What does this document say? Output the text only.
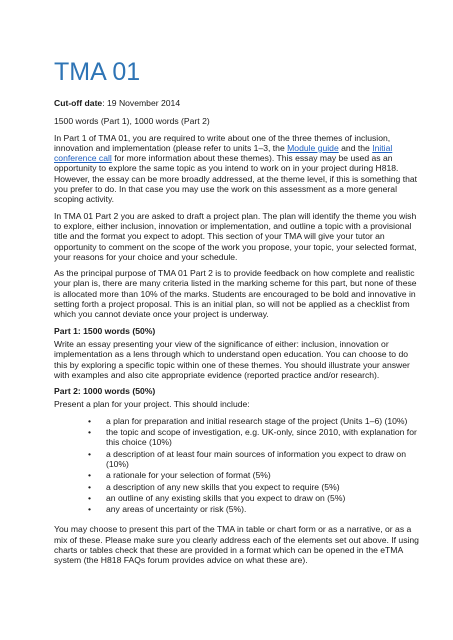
TMA 01

Cut-off date: 19 November 2014

1500 words (Part 1), 1000 words (Part 2)

In Part 1 of TMA 01, you are required to write about one of the three themes of inclusion, innovation and implementation (please refer to units 1–3, the Module guide and the Initial conference call for more information about these themes). This essay may be used as an opportunity to explore the same topic as you intend to work on in your project during H818. However, the essay can be more broadly addressed, at the theme level, if this is something that you prefer to do. In that case you may use the work on this assessment as a more general scoping activity.

In TMA 01 Part 2 you are asked to draft a project plan. The plan will identify the theme you wish to explore, either inclusion, innovation or implementation, and outline a topic with a provisional title and the format you expect to adopt. This section of your TMA will give your tutor an opportunity to comment on the scope of the work you propose, your topic, your selected format, your reasons for your choice and your schedule.

As the principal purpose of TMA 01 Part 2 is to provide feedback on how complete and realistic your plan is, there are many criteria listed in the marking scheme for this part, but none of these is allocated more than 10% of the marks. Students are encouraged to be bold and innovative in setting forth a project proposal. This is an initial plan, so will not be applied as a checklist from which you cannot deviate once your project is underway.

Part 1: 1500 words (50%)

Write an essay presenting your view of the significance of either: inclusion, innovation or implementation as a lens through which to understand open education. You can choose to do this by exploring a specific topic within one of these themes. You should illustrate your answer with examples and also cite appropriate evidence (reported practice and/or research).

Part 2: 1000 words (50%)

Present a plan for your project. This should include:

• a plan for preparation and initial research stage of the project (Units 1–6) (10%)
• the topic and scope of investigation, e.g. UK-only, since 2010, with explanation for this choice (10%)
• a description of at least four main sources of information you expect to draw on (10%)
• a rationale for your selection of format (5%)
• a description of any new skills that you expect to require (5%)
• an outline of any existing skills that you expect to draw on (5%)
• any areas of uncertainty or risk (5%).

You may choose to present this part of the TMA in table or chart form or as a narrative, or as a mix of these. Please make sure you clearly address each of the elements set out above. If using charts or tables check that these are provided in a format which can be opened in the eTMA system (the H818 FAQs forum provides advice on what these are).
